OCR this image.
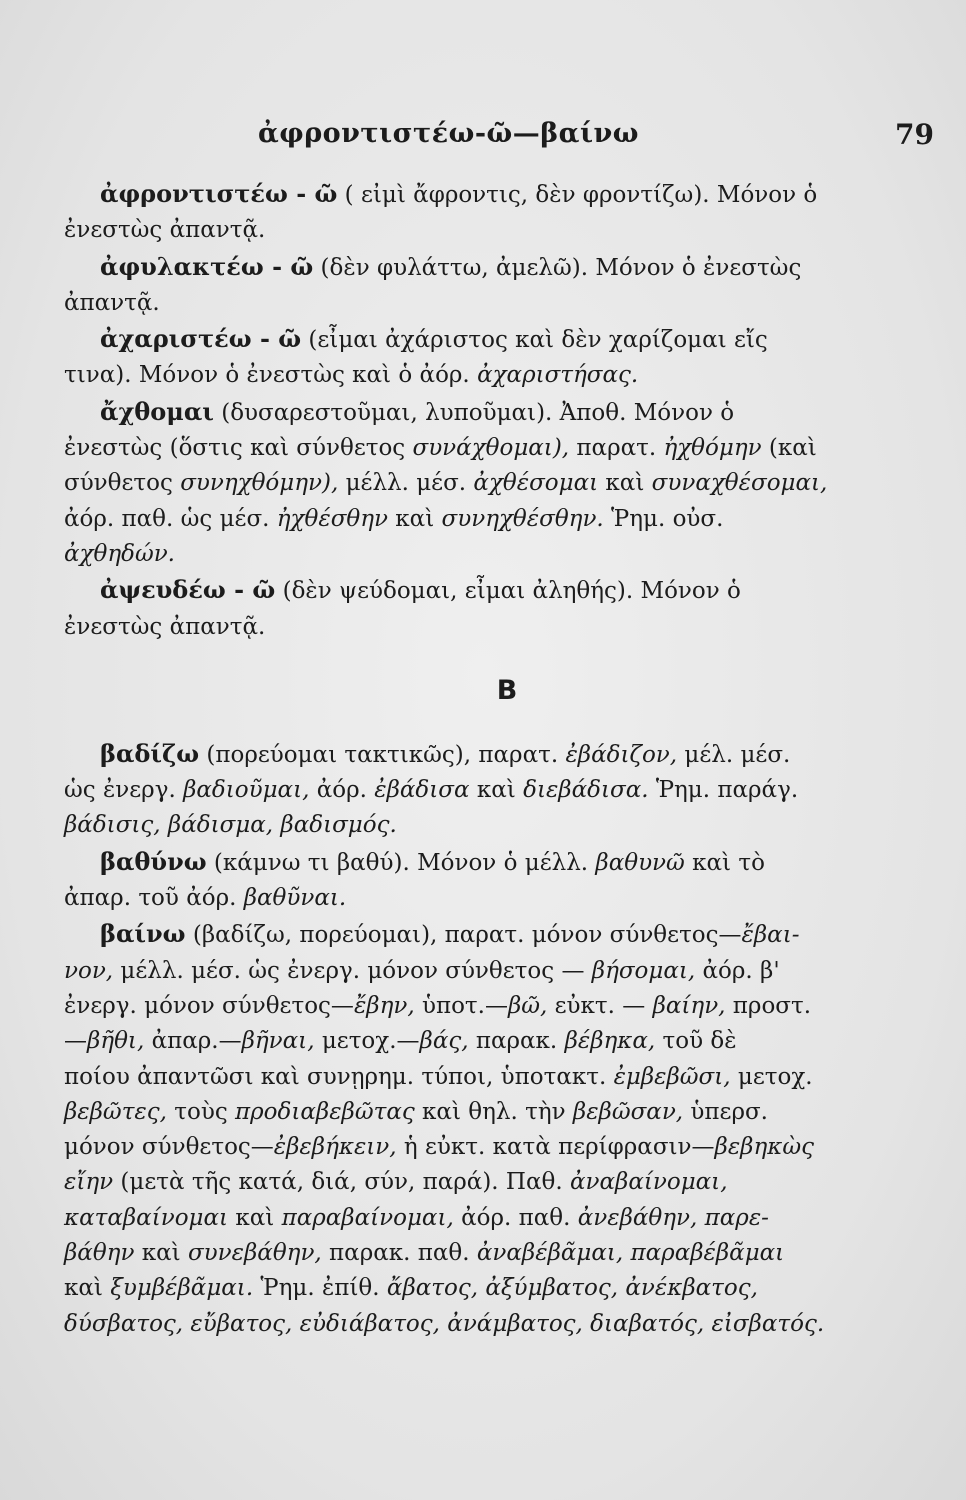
ἀφροντιστέω-ῶ—βαίνω	79
ἀφροντιστέω - ῶ ( εἰμὶ ἄφροντις, δὲν φροντίζω). Μόνον ὁ
ἐνεστὼς ἀπαντᾷ.
ἀφυλακτέω - ῶ (δὲν φυλάττω, ἀμελῶ). Μόνον ὁ ἐνεστὼς
ἀπαντᾷ.
ἀχαριστέω - ῶ (εἶμαι ἀχάριστος καὶ δὲν χαρίζομαι εἴς
τινα). Μόνον ὁ ἐνεστὼς καὶ ὁ ἀόρ. ἀχαριστήσας.
ἄχθομαι (δυσαρεστοῦμαι, λυποῦμαι). Ἀποθ. Μόνον ὁ
ἐνεστὼς (ὅστις καὶ σύνθετος συνάχθομαι), παρατ. ἠχθόμην (καὶ
σύνθετος συνηχθόμην), μέλλ. μέσ. ἀχθέσομαι καὶ συναχθέσομαι,
ἀόρ. παθ. ὡς μέσ. ἠχθέσθην καὶ συνηχθέσθην. Ῥημ. οὐσ.
ἀχθηδών.
ἀψευδέω - ῶ (δὲν ψεύδομαι, εἶμαι ἀληθής). Μόνον ὁ
ἐνεστὼς ἀπαντᾷ.
Β
βαδίζω (πορεύομαι τακτικῶς), παρατ. ἐβάδιζον, μέλ. μέσ.
ὡς ἐνεργ. βαδιοῦμαι, ἀόρ. ἐβάδισα καὶ διεβάδισα. Ῥημ. παράγ.
βάδισις, βάδισμα, βαδισμός.
βαθύνω (κάμνω τι βαθύ). Μόνον ὁ μέλλ. βαθυνῶ καὶ τὸ
ἀπαρ. τοῦ ἀόρ. βαθῦναι.
βαίνω (βαδίζω, πορεύομαι), παρατ. μόνον σύνθετος—ἔβαι-
νον, μέλλ. μέσ. ὡς ἐνεργ. μόνον σύνθετος — βήσομαι, ἀόρ. β'
ἐνεργ. μόνον σύνθετος—ἔβην, ὑποτ.—βῶ, εὐκτ. — βαίην, προστ.
—βῆθι, ἀπαρ.—βῆναι, μετοχ.—βάς, παρακ. βέβηκα, τοῦ δὲ
ποίου ἀπαντῶσι καὶ συνῃρημ. τύποι, ὑποτακτ. ἐμβεβῶσι, μετοχ.
βεβῶτες, τοὺς προδιαβεβῶτας καὶ θηλ. τὴν βεβῶσαν, ὑπερσ.
μόνον σύνθετος—ἐβεβήκειν, ἡ εὐκτ. κατὰ περίφρασιν—βεβηκὼς
εἴην (μετὰ τῆς κατά, διά, σύν, παρά). Παθ. ἀναβαίνομαι,
καταβαίνομαι καὶ παραβαίνομαι, ἀόρ. παθ. ἀνεβάθην, παρε-
βάθην καὶ συνεβάθην, παρακ. παθ. ἀναβέβᾶμαι, παραβέβᾶμαι
καὶ ξυμβέβᾶμαι. Ῥημ. ἐπίθ. ἄβατος, ἀξύμβατος, ἀνέκβατος,
δύσβατος, εὔβατος, εὐδιάβατος, ἀνάμβατος, διαβατός, εἰσβατός.
